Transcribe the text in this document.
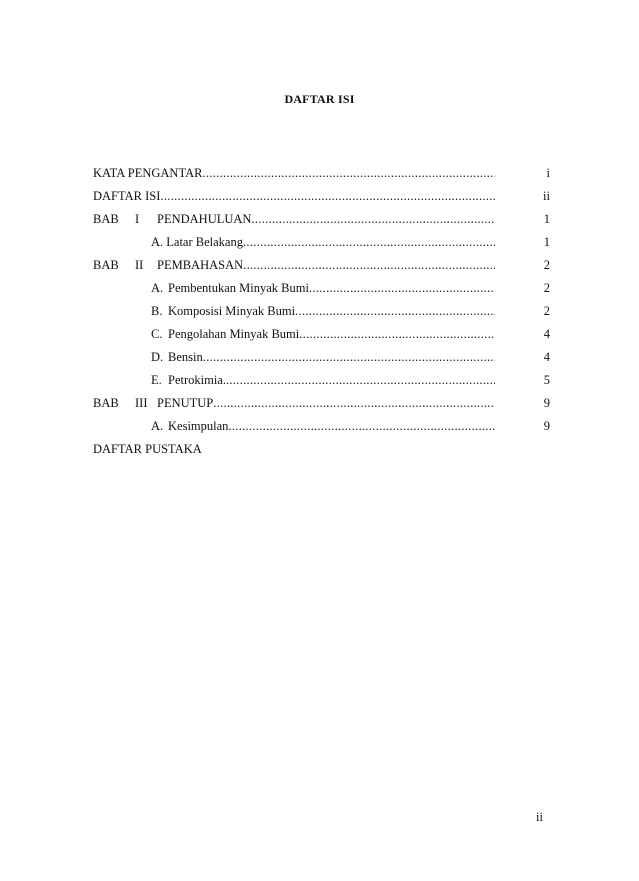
DAFTAR ISI
KATA PENGANTAR .....	i
DAFTAR ISI .....	ii
BAB	I	PENDAHULUAN .....	1
A. Latar Belakang .....	1
BAB	II	PEMBAHASAN .....	2
A. Pembentukan Minyak Bumi .....	2
B. Komposisi Minyak Bumi .....	2
C. Pengolahan Minyak Bumi .....	4
D. Bensin .....	4
E. Petrokimia. .....	5
BAB	III PENUTUP .....	9
A. Kesimpulan .....	9
DAFTAR PUSTAKA
ii
